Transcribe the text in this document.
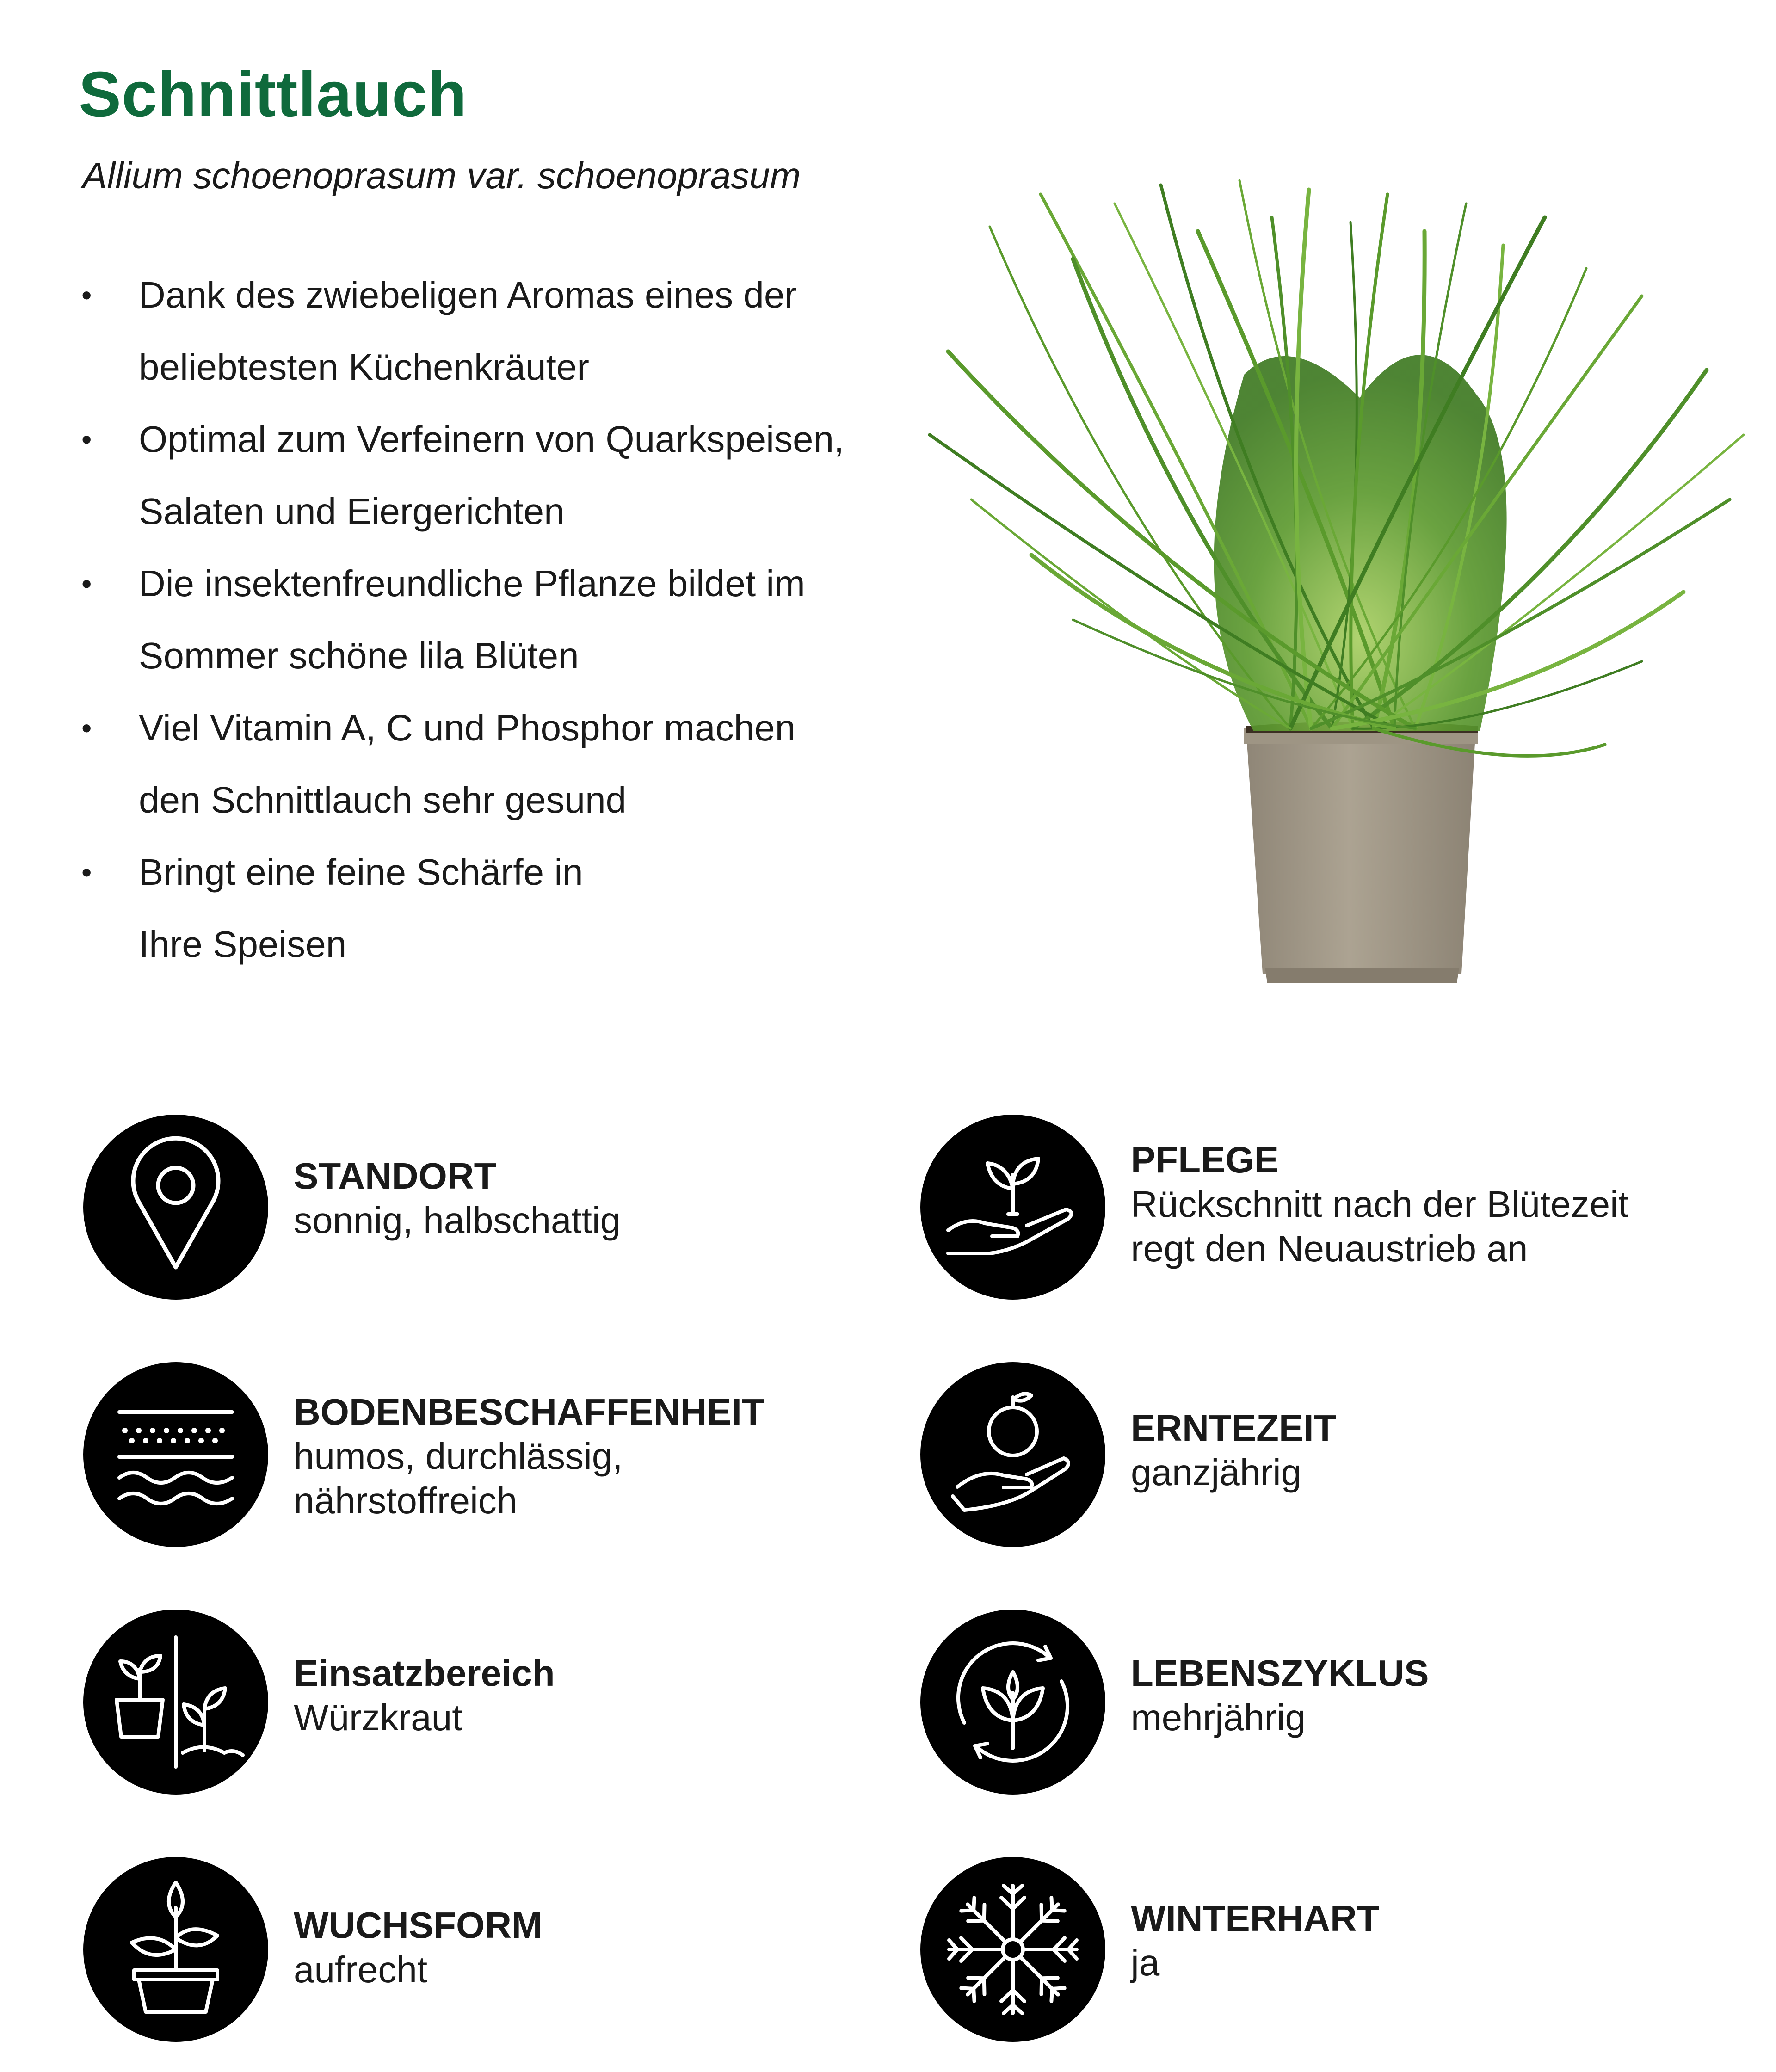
Schnittlauch

Allium schoenoprasum var. schoenoprasum

• Dank des zwiebeligen Aromas eines der
beliebtesten Küchenkräuter
• Optimal zum Verfeinern von Quarkspeisen,
Salaten und Eiergerichten
• Die insektenfreundliche Pflanze bildet im
Sommer schöne lila Blüten
• Viel Vitamin A, C und Phosphor machen
den Schnittlauch sehr gesund
• Bringt eine feine Schärfe in
Ihre Speisen
STANDORT
sonnig, halbschattig
BODENBESCHAFFENHEIT
humos, durchlässig,
nährstoffreich
Einsatzbereich
Würzkraut
WUCHSFORM
aufrecht
PFLEGE
Rückschnitt nach der Blütezeit
regt den Neuaustrieb an
ERNTEZEIT
ganzjährig
LEBENSZYKLUS
mehrjährig
WINTERHART
ja
